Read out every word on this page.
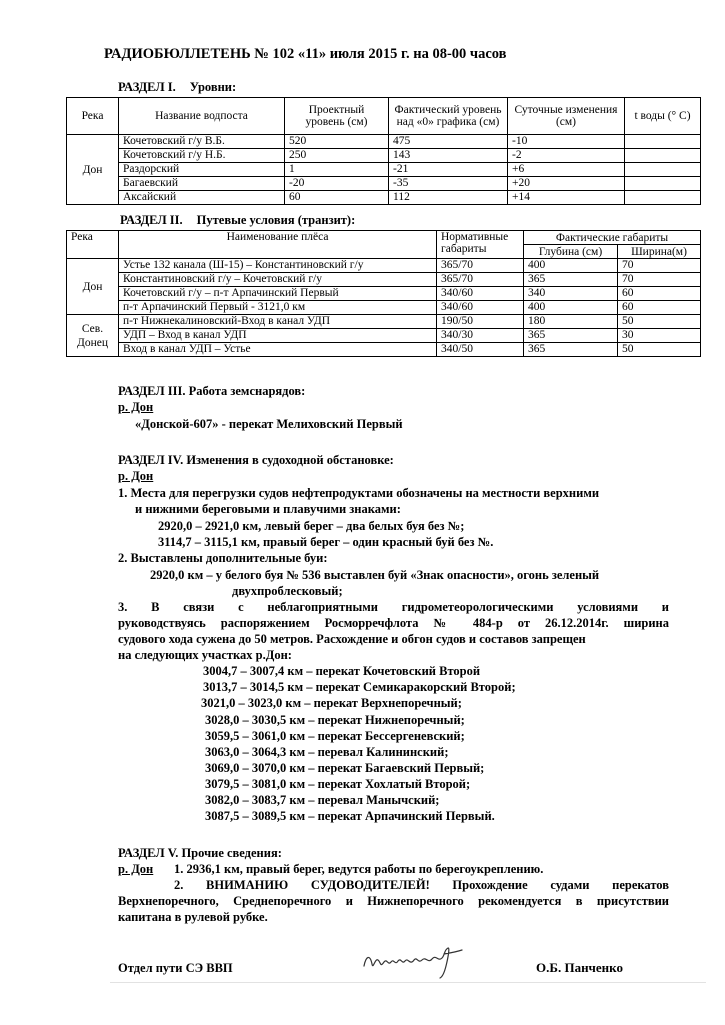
РАДИОБЮЛЛЕТЕНЬ № 102 «11» июля 2015 г. на 08-00 часов
РАЗДЕЛ I. Уровни:
Река	Название водпоста	Проектный уровень (см)	Фактический уровень над «0» графика (см)	Суточные изменения (см)	t воды (° С)
Дон	Кочетовский г/у В.Б.	520	475	-10	
	Кочетовский г/у Н.Б.	250	143	-2	
	Раздорский	1	-21	+6	
	Багаевский	-20	-35	+20	
	Аксайский	60	112	+14	
РАЗДЕЛ II. Путевые условия (транзит):
Река	Наименование плёса	Нормативные габариты	Фактические габариты	
			Глубина (см)	Ширина(м)
Дон	Устье 132 канала (Ш-15) – Константиновский г/у	365/70	400	70
	Константиновский г/у – Кочетовский г/у	365/70	365	70
	Кочетовский г/у – п-т Арпачинский Первый	340/60	340	60
	п-т Арпачинский Первый - 3121,0 км	340/60	400	60
Сев. Донец	п-т Нижнекалиновский-Вход в канал УДП	190/50	180	50
	УДП – Вход в канал УДП	340/30	365	30
	Вход в канал УДП – Устье	340/50	365	50
РАЗДЕЛ III. Работа земснарядов:
р. Дон
«Донской-607» - перекат Мелиховский Первый
РАЗДЕЛ IV. Изменения в судоходной обстановке:
р. Дон
1. Места для перегрузки судов нефтепродуктами обозначены на местности верхними
и нижними береговыми и плавучими знаками:
2920,0 – 2921,0 км, левый берег – два белых буя без №;
3114,7 – 3115,1 км, правый берег – один красный буй без №.
2. Выставлены дополнительные буи:
2920,0 км – у белого буя № 536 выставлен буй «Знак опасности», огонь зеленый
двухпроблесковый;
3. В связи с неблагоприятными гидрометеорологическими условиями и
руководствуясь распоряжением Росморречфлота № 484-р от 26.12.2014г. ширина
судового хода сужена до 50 метров. Расхождение и обгон судов и составов запрещен
на следующих участках р.Дон:
3004,7 – 3007,4 км – перекат Кочетовский Второй
3013,7 – 3014,5 км – перекат Семикаракорский Второй;
3021,0 – 3023,0 км – перекат Верхнепоречный;
3028,0 – 3030,5 км – перекат Нижнепоречный;
3059,5 – 3061,0 км – перекат Бессергеневский;
3063,0 – 3064,3 км – перевал Калининский;
3069,0 – 3070,0 км – перекат Багаевский Первый;
3079,5 – 3081,0 км – перекат Хохлатый Второй;
3082,0 – 3083,7 км – перевал Манычский;
3087,5 – 3089,5 км – перекат Арпачинский Первый.
РАЗДЕЛ V. Прочие сведения:
р. Дон 1. 2936,1 км, правый берег, ведутся работы по берегоукреплению.
2. ВНИМАНИЮ СУДОВОДИТЕЛЕЙ! Прохождение судами перекатов
Верхнепоречного, Среднепоречного и Нижнепоречного рекомендуется в присутствии
капитана в рулевой рубке.
Отдел пути СЭ ВВП	О.Б. Панченко
